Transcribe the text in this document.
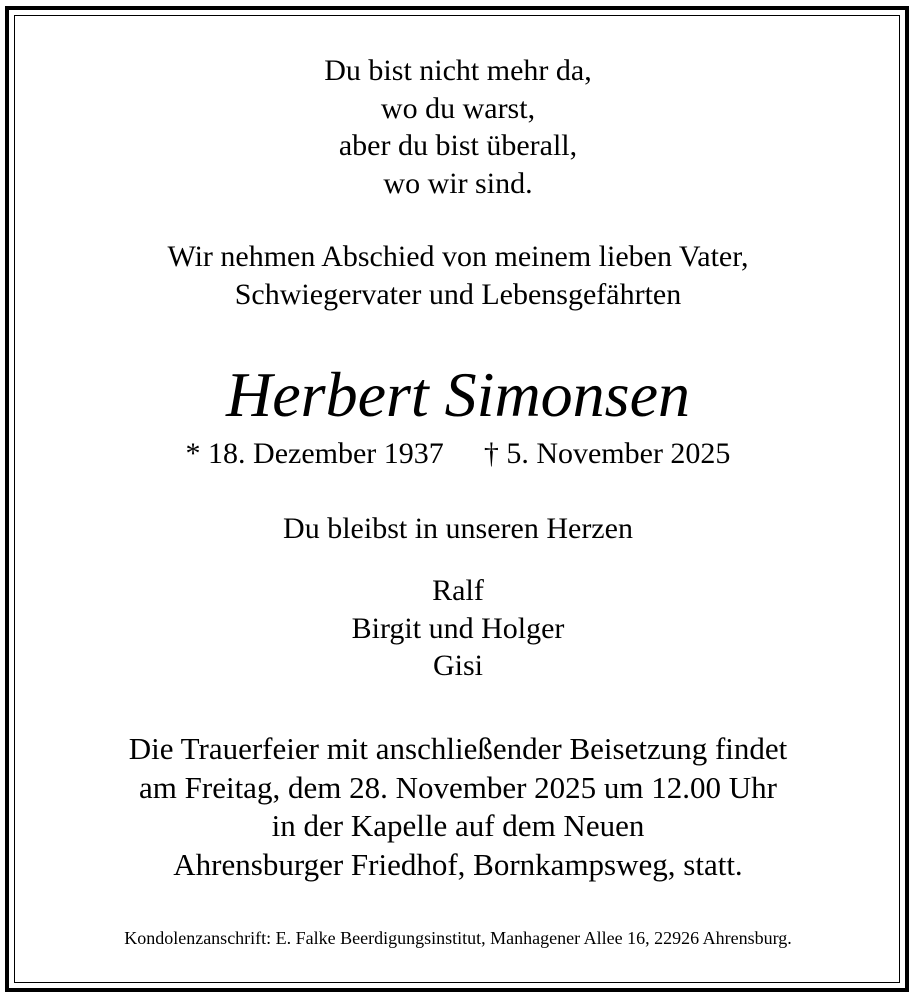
Du bist nicht mehr da,
wo du warst,
aber du bist überall,
wo wir sind.
Wir nehmen Abschied von meinem lieben Vater,
Schwiegervater und Lebensgefährten
Herbert Simonsen
* 18. Dezember 1937 † 5. November 2025
Du bleibst in unseren Herzen
Ralf
Birgit und Holger
Gisi
Die Trauerfeier mit anschließender Beisetzung findet
am Freitag, dem 28. November 2025 um 12.00 Uhr
in der Kapelle auf dem Neuen
Ahrensburger Friedhof, Bornkampsweg, statt.
Kondolenzanschrift: E. Falke Beerdigungsinstitut, Manhagener Allee 16, 22926 Ahrensburg.
